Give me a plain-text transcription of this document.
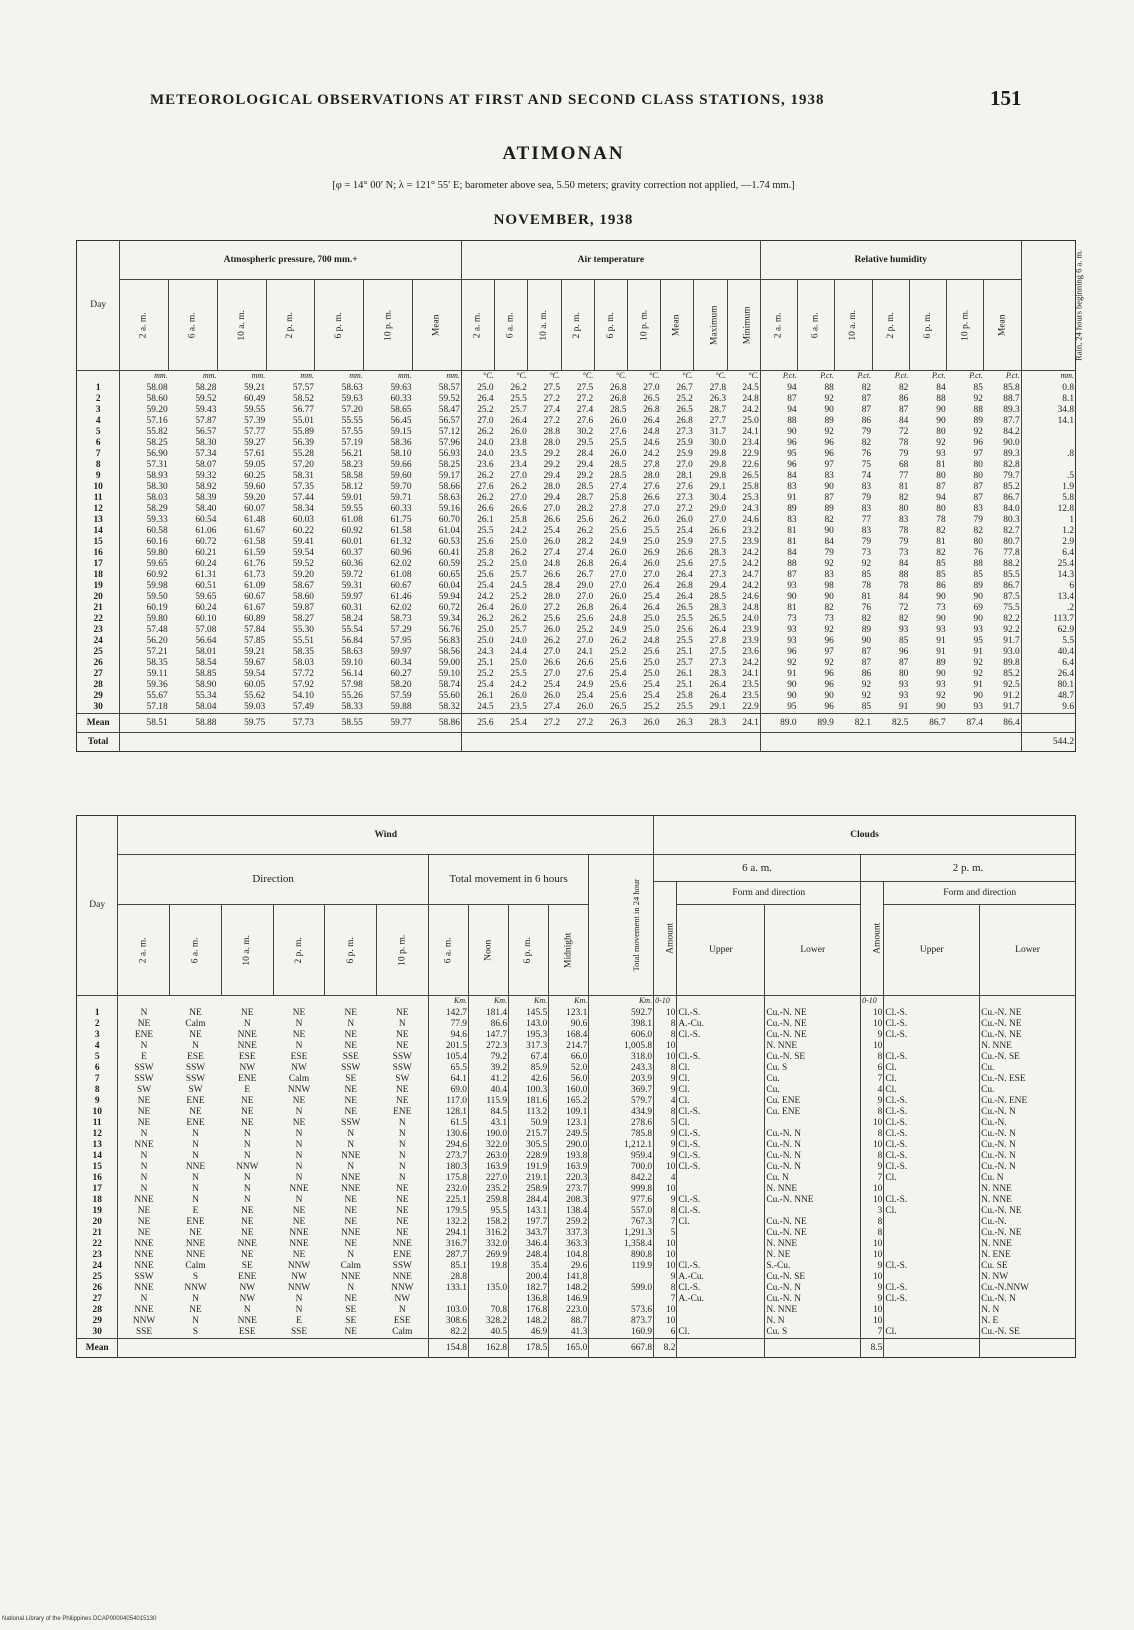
METEOROLOGICAL OBSERVATIONS AT FIRST AND SECOND CLASS STATIONS, 1938	151
ATIMONAN
[φ = 14° 00′ N; λ = 121° 55′ E; barometer above sea, 5.50 meters; gravity correction not applied, —1.74 mm.]
NOVEMBER, 1938
Day	Atmospheric pressure, 700 mm.+							Air temperature									Relative humidity							Rain, 24 hours beginning 6 a. m.
	2 a. m.	6 a. m.	10 a. m.	2 p. m.	6 p. m.	10 p. m.	Mean	2 a. m.	6 a. m.	10 a. m.	2 p. m.	6 p. m.	10 p. m.	Mean	Maximum	Minimum	2 a. m.	6 a. m.	10 a. m.	2 p. m.	6 p. m.	10 p. m.	Mean	
	mm.	mm.	mm.	mm.	mm.	mm.	mm.	°C.	°C.	°C.	°C.	°C.	°C.	°C.	°C.	°C.	P.ct.	P.ct.	P.ct.	P.ct.	P.ct.	P.ct.	P.ct.	mm.
1	58.08	58.28	59.21	57.57	58.63	59.63	58.57	25.0	26.2	27.5	27.5	26.8	27.0	26.7	27.8	24.5	94	88	82	82	84	85	85.8	0.8
2	58.60	59.52	60.49	58.52	59.63	60.33	59.52	26.4	25.5	27.2	27.2	26.8	26.5	25.2	26.3	24.8	87	92	87	86	88	92	88.7	8.1
3	59.20	59.43	59.55	56.77	57.20	58.65	58.47	25.2	25.7	27.4	27.4	28.5	26.8	26.5	28.7	24.2	94	90	87	87	90	88	89.3	34.8
4	57.16	57.87	57.39	55.01	55.55	56.45	56.57	27.0	26.4	27.2	27.6	26.0	26.4	26.8	27.7	25.0	88	89	86	84	90	89	87.7	14.1
5	55.82	56.57	57.77	55.89	57.55	59.15	57.12	26.2	26.0	28.8	30.2	27.6	24.8	27.3	31.7	24.1	90	92	79	72	80	92	84.2	
6	58.25	58.30	59.27	56.39	57.19	58.36	57.96	24.0	23.8	28.0	29.5	25.5	24.6	25.9	30.0	23.4	96	96	82	78	92	96	90.0	
7	56.90	57.34	57.61	55.28	56.21	58.10	56.93	24.0	23.5	29.2	28.4	26.0	24.2	25.9	29.8	22.9	95	96	76	79	93	97	89.3	.8
8	57.31	58.07	59.05	57.20	58.23	59.66	58.25	23.6	23.4	29.2	29.4	28.5	27.8	27.0	29.8	22.6	96	97	75	68	81	80	82.8	
9	58.93	59.32	60.25	58.31	58.58	59.60	59.17	26.2	27.0	29.4	29.2	28.5	28.0	28.1	29.8	26.5	84	83	74	77	80	80	79.7	.5
10	58.30	58.92	59.60	57.35	58.12	59.70	58.66	27.6	26.2	28.0	28.5	27.4	27.6	27.6	29.1	25.8	83	90	83	81	87	87	85.2	1.9
11	58.03	58.39	59.20	57.44	59.01	59.71	58.63	26.2	27.0	29.4	28.7	25.8	26.6	27.3	30.4	25.3	91	87	79	82	94	87	86.7	5.8
12	58.29	58.40	60.07	58.34	59.55	60.33	59.16	26.6	26.6	27.0	28.2	27.8	27.0	27.2	29.0	24.3	89	89	83	80	80	83	84.0	12.8
13	59.33	60.54	61.48	60.03	61.08	61.75	60.70	26.1	25.8	26.6	25.6	26.2	26.0	26.0	27.0	24.6	83	82	77	83	78	79	80.3	1
14	60.58	61.06	61.67	60.22	60.92	61.58	61.04	25.5	24.2	25.4	26.2	25.6	25.5	25.4	26.6	23.2	81	90	83	78	82	82	82.7	1.2
15	60.16	60.72	61.58	59.41	60.01	61.32	60.53	25.6	25.0	26.0	28.2	24.9	25.0	25.9	27.5	23.9	81	84	79	79	81	80	80.7	2.9
16	59.80	60.21	61.59	59.54	60.37	60.96	60.41	25.8	26.2	27.4	27.4	26.0	26.9	26.6	28.3	24.2	84	79	73	73	82	76	77.8	6.4
17	59.65	60.24	61.76	59.52	60.36	62.02	60.59	25.2	25.0	24.8	26.8	26.4	26.0	25.6	27.5	24.2	88	92	92	84	85	88	88.2	25.4
18	60.92	61.31	61.73	59.20	59.72	61.08	60.65	25.6	25.7	26.6	26.7	27.0	27.0	26.4	27.3	24.7	87	83	85	88	85	85	85.5	14.3
19	59.98	60.51	61.09	58.67	59.31	60.67	60.04	25.4	24.5	28.4	29.0	27.0	26.4	26.8	29.4	24.2	93	98	78	78	86	89	86.7	6
20	59.50	59.65	60.67	58.60	59.97	61.46	59.94	24.2	25.2	28.0	27.0	26.0	25.4	26.4	28.5	24.6	90	90	81	84	90	90	87.5	13.4
21	60.19	60.24	61.67	59.87	60.31	62.02	60.72	26.4	26.0	27.2	26.8	26.4	26.4	26.5	28.3	24.8	81	82	76	72	73	69	75.5	.2
22	59.80	60.10	60.89	58.27	58.24	58.73	59.34	26.2	26.2	25.6	25.6	24.8	25.0	25.5	26.5	24.0	73	73	82	82	90	90	82.2	113.7
23	57.48	57.08	57.84	55.30	55.54	57.29	56.76	25.0	25.7	26.0	25.2	24.9	25.0	25.6	26.4	23.9	93	92	89	93	93	93	92.2	62.9
24	56.20	56.64	57.85	55.51	56.84	57.95	56.83	25.0	24.0	26.2	27.0	26.2	24.8	25.5	27.8	23.9	93	96	90	85	91	95	91.7	5.5
25	57.21	58.01	59.21	58.35	58.63	59.97	58.56	24.3	24.4	27.0	24.1	25.2	25.6	25.1	27.5	23.6	96	97	87	96	91	91	93.0	40.4
26	58.35	58.54	59.67	58.03	59.10	60.34	59.00	25.1	25.0	26.6	26.6	25.6	25.0	25.7	27.3	24.2	92	92	87	87	89	92	89.8	6.4
27	59.11	58.85	59.54	57.72	56.14	60.27	59.10	25.2	25.5	27.0	27.6	25.4	25.0	26.1	28.3	24.1	91	96	86	80	90	92	85.2	26.4
28	59.36	58.90	60.05	57.92	57.98	58.20	58.74	25.4	24.2	25.4	24.9	25.6	25.4	25.1	26.4	23.5	90	96	92	93	93	91	92.5	80.1
29	55.67	55.34	55.62	54.10	55.26	57.59	55.60	26.1	26.0	26.0	25.4	25.6	25.4	25.8	26.4	23.5	90	90	92	93	92	90	91.2	48.7
30	57.18	58.04	59.03	57.49	58.33	59.88	58.32	24.5	23.5	27.4	26.0	26.5	25.2	25.5	29.1	22.9	95	96	85	91	90	93	91.7	9.6
Mean	58.51	58.88	59.75	57.73	58.55	59.77	58.86	25.6	25.4	27.2	27.2	26.3	26.0	26.3	28.3	24.1	89.0	89.9	82.1	82.5	86.7	87.4	86.4	
Total																								544.2
Day	Wind											Clouds					
	Direction						Total movement in 6 hours				Total movement in 24 hour	6 a. m.			2 p. m.		
												Amount	Form and direction		Amount	Form and direction	
	2 a. m.	6 a. m.	10 a. m.	2 p. m.	6 p. m.	10 p. m.	6 a. m.	Noon	6 p. m.	Midnight			Upper	Lower		Upper	Lower
							Km.	Km.	Km.	Km.	Km.	0-10			0-10		
1	N	NE	NE	NE	NE	NE	142.7	181.4	145.5	123.1	592.7	10	Cl.-S.	Cu.-N. NE	10	Cl.-S.	Cu.-N. NE
2	NE	Calm	N	N	N	N	77.9	86.6	143.0	90.6	398.1	8	A.-Cu.	Cu.-N. NE	10	Cl.-S.	Cu.-N. NE
3	ENE	NE	NNE	NE	NE	NE	94.6	147.7	195.3	168.4	606.0	8	Cl.-S.	Cu.-N. NE	9	Cl.-S.	Cu.-N. NE
4	N	N	NNE	N	NE	NE	201.5	272.3	317.3	214.7	1,005.8	10		N. NNE	10		N. NNE
5	E	ESE	ESE	ESE	SSE	SSW	105.4	79.2	67.4	66.0	318.0	10	Cl.-S.	Cu.-N. SE	8	Cl.-S.	Cu.-N. SE
6	SSW	SSW	NW	NW	SSW	SSW	65.5	39.2	85.9	52.0	243.3	8	Cl.	Cu. S	6	Cl.	Cu.
7	SSW	SSW	ENE	Calm	SE	SW	64.1	41.2	42.6	56.0	203.9	9	Cl.	Cu.	7	Cl.	Cu.-N. ESE
8	SW	SW	E	NNW	NE	NE	69.0	40.4	100.3	160.0	369.7	9	Cl.	Cu.	4	Cl.	Cu.
9	NE	ENE	NE	NE	NE	NE	117.0	115.9	181.6	165.2	579.7	4	Cl.	Cu. ENE	9	Cl.-S.	Cu.-N. ENE
10	NE	NE	NE	N	NE	ENE	128.1	84.5	113.2	109.1	434.9	8	Cl.-S.	Cu. ENE	8	Cl.-S.	Cu.-N. N
11	NE	ENE	NE	NE	SSW	N	61.5	43.1	50.9	123.1	278.6	5	Cl.		10	Cl.-S.	Cu.-N.
12	N	N	N	N	N	N	130.6	190.0	215.7	249.5	785.8	9	Cl.-S.	Cu.-N. N	8	Cl.-S.	Cu.-N. N
13	NNE	N	N	N	N	N	294.6	322.0	305.5	290.0	1,212.1	9	Cl.-S.	Cu.-N. N	10	Cl.-S.	Cu.-N. N
14	N	N	N	N	NNE	N	273.7	263.0	228.9	193.8	959.4	9	Cl.-S.	Cu.-N. N	8	Cl.-S.	Cu.-N. N
15	N	NNE	NNW	N	N	N	180.3	163.9	191.9	163.9	700.0	10	Cl.-S.	Cu.-N. N	9	Cl.-S.	Cu.-N. N
16	N	N	N	N	NNE	N	175.8	227.0	219.1	220.3	842.2	4		Cu. N	7	Cl.	Cu. N
17	N	N	N	NNE	NNE	NE	232.0	235.2	258.9	273.7	999.8	10		N. NNE	10		N. NNE
18	NNE	N	N	N	NE	NE	225.1	259.8	284.4	208.3	977.6	9	Cl.-S.	Cu.-N. NNE	10	Cl.-S.	N. NNE
19	NE	E	NE	NE	NE	NE	179.5	95.5	143.1	138.4	557.0	8	Cl.-S.		3	Cl.	Cu.-N. NE
20	NE	ENE	NE	NE	NE	NE	132.2	158.2	197.7	259.2	767.3	7	Cl.	Cu.-N. NE	8		Cu.-N.
21	NE	NE	NE	NNE	NNE	NE	294.1	316.2	343.7	337.3	1,291.3	5		Cu.-N. NE	8		Cu.-N. NE
22	NNE	NNE	NNE	NNE	NE	NNE	316.7	332.0	346.4	363.3	1,358.4	10		N. NNE	10		N. NNE
23	NNE	NNE	NE	NE	N	ENE	287.7	269.9	248.4	104.8	890.8	10		N. NE	10		N. ENE
24	NNE	Calm	SE	NNW	Calm	SSW	85.1	19.8	35.4	29.6	119.9	10	Cl.-S.	S.-Cu.	9	Cl.-S.	Cu. SE
25	SSW	S	ENE	NW	NNE	NNE	28.8		200.4	141.8		9	A.-Cu.	Cu.-N. SE	10		N. NW
26	NNE	NNW	NW	NNW	N	NNW	133.1	135.0	182.7	148.2	599.0	8	Cl.-S.	Cu.-N. N	9	Cl.-S.	Cu.-N.NNW
27	N	N	NW	N	NE	NW			136.8	146.9		7	A.-Cu.	Cu.-N. N	9	Cl.-S.	Cu.-N. N
28	NNE	NE	N	N	SE	N	103.0	70.8	176.8	223.0	573.6	10		N. NNE	10		N. N
29	NNW	N	NNE	E	SE	ESE	308.6	328.2	148.2	88.7	873.7	10		N. N	10		N. E
30	SSE	S	ESE	SSE	NE	Calm	82.2	40.5	46.9	41.3	160.9	6	Cl.	Cu. S	7	Cl.	Cu.-N. SE
Mean							154.8	162.8	178.5	165.0	667.8	8.2			8.5		
National Library of the Philippines DCAP00004054015130
